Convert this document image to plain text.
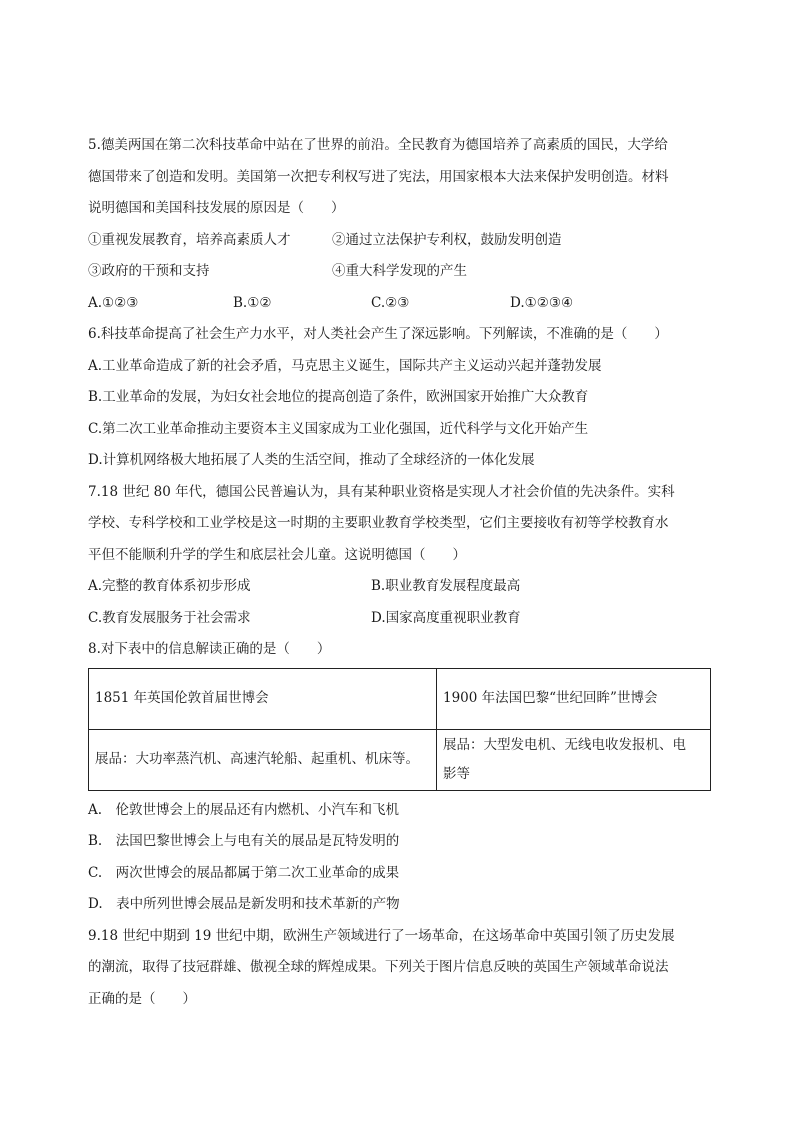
5.德美两国在第二次科技革命中站在了世界的前沿。全民教育为德国培养了高素质的国民，大学给
德国带来了创造和发明。美国第一次把专利权写进了宪法，用国家根本大法来保护发明创造。材料
说明德国和美国科技发展的原因是（　　）
①重视发展教育，培养高素质人才	②通过立法保护专利权，鼓励发明创造
③政府的干预和支持	④重大科学发现的产生
A.①②③	B.①②	C.②③	D.①②③④
6.科技革命提高了社会生产力水平，对人类社会产生了深远影响。下列解读，不准确的是（　　）
A.工业革命造成了新的社会矛盾，马克思主义诞生，国际共产主义运动兴起并蓬勃发展
B.工业革命的发展，为妇女社会地位的提高创造了条件，欧洲国家开始推广大众教育
C.第二次工业革命推动主要资本主义国家成为工业化强国，近代科学与文化开始产生
D.计算机网络极大地拓展了人类的生活空间，推动了全球经济的一体化发展
7.18 世纪 80 年代，德国公民普遍认为，具有某种职业资格是实现人才社会价值的先决条件。实科
学校、专科学校和工业学校是这一时期的主要职业教育学校类型，它们主要接收有初等学校教育水
平但不能顺利升学的学生和底层社会儿童。这说明德国（　　）
A.完整的教育体系初步形成	B.职业教育发展程度最高
C.教育发展服务于社会需求	D.国家高度重视职业教育
8.对下表中的信息解读正确的是（　　）
1851 年英国伦敦首届世博会	1900 年法国巴黎“世纪回眸”世博会
展品：大功率蒸汽机、高速汽轮船、起重机、机床等。	展品：大型发电机、无线电收发报机、电
影等
A.　伦敦世博会上的展品还有内燃机、小汽车和飞机
B.　法国巴黎世博会上与电有关的展品是瓦特发明的
C.　两次世博会的展品都属于第二次工业革命的成果
D.　表中所列世博会展品是新发明和技术革新的产物
9.18 世纪中期到 19 世纪中期，欧洲生产领域进行了一场革命，在这场革命中英国引领了历史发展
的潮流，取得了技冠群雄、傲视全球的辉煌成果。下列关于图片信息反映的英国生产领域革命说法
正确的是（　　）
